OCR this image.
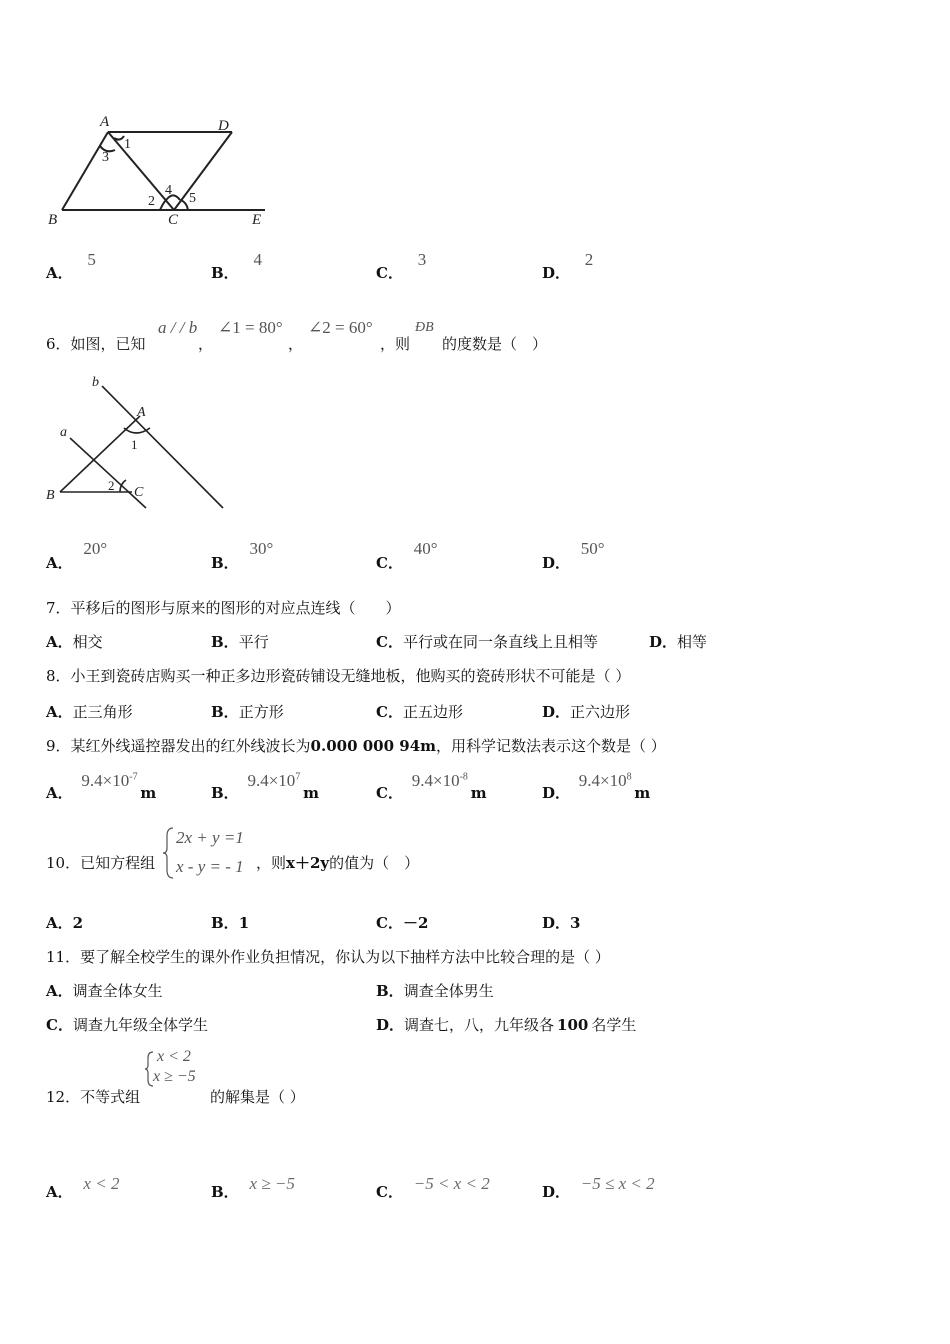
A	D
B	C	E
1
3
2
4
5
A． 5
B． 4
C． 3
D． 2
6．如图，已知
a / / b
，
∠1 = 80°
，
∠2 = 60°
，则
ÐB
的度数是（　）
b
A
1
a
B
2 C
A． 20°
B． 30°
C． 40°
D． 50°
7．平移后的图形与原来的图形的对应点连线（　　）
A．相交	B．平行	C．平行或在同一条直线上且相等	D．相等
8．小王到瓷砖店购买一种正多边形瓷砖铺设无缝地板，他购买的瓷砖形状不可能是（ ）
A．正三角形	B．正方形	C．正五边形	D．正六边形
9．某红外线遥控器发出的红外线波长为0.000 000 94m，用科学记数法表示这个数是（ ）
A． $9.4\times 10^{-7}$ m	B． $9.4\times 10^7$ m	C． $9.4\times 10^{-8}$ m	D． $9.4\times 10^8$ m
10．已知方程组
2x + y =1
x - y = - 1 ，则x＋2y的值为（　）
A．2	B．1	C．－2	D．3
11．要了解全校学生的课外作业负担情况，你认为以下抽样方法中比较合理的是（ ）
A．调查全体女生	B．调查全体男生
C．调查九年级全体学生	D．调查七，八，九年级各 100 名学生
12．不等式组
x < 2
x ≥ −5
的解集是（ ）
A． x < 2	B． x ≥ −5	C． −5 < x < 2	D． −5 ≤ x < 2
